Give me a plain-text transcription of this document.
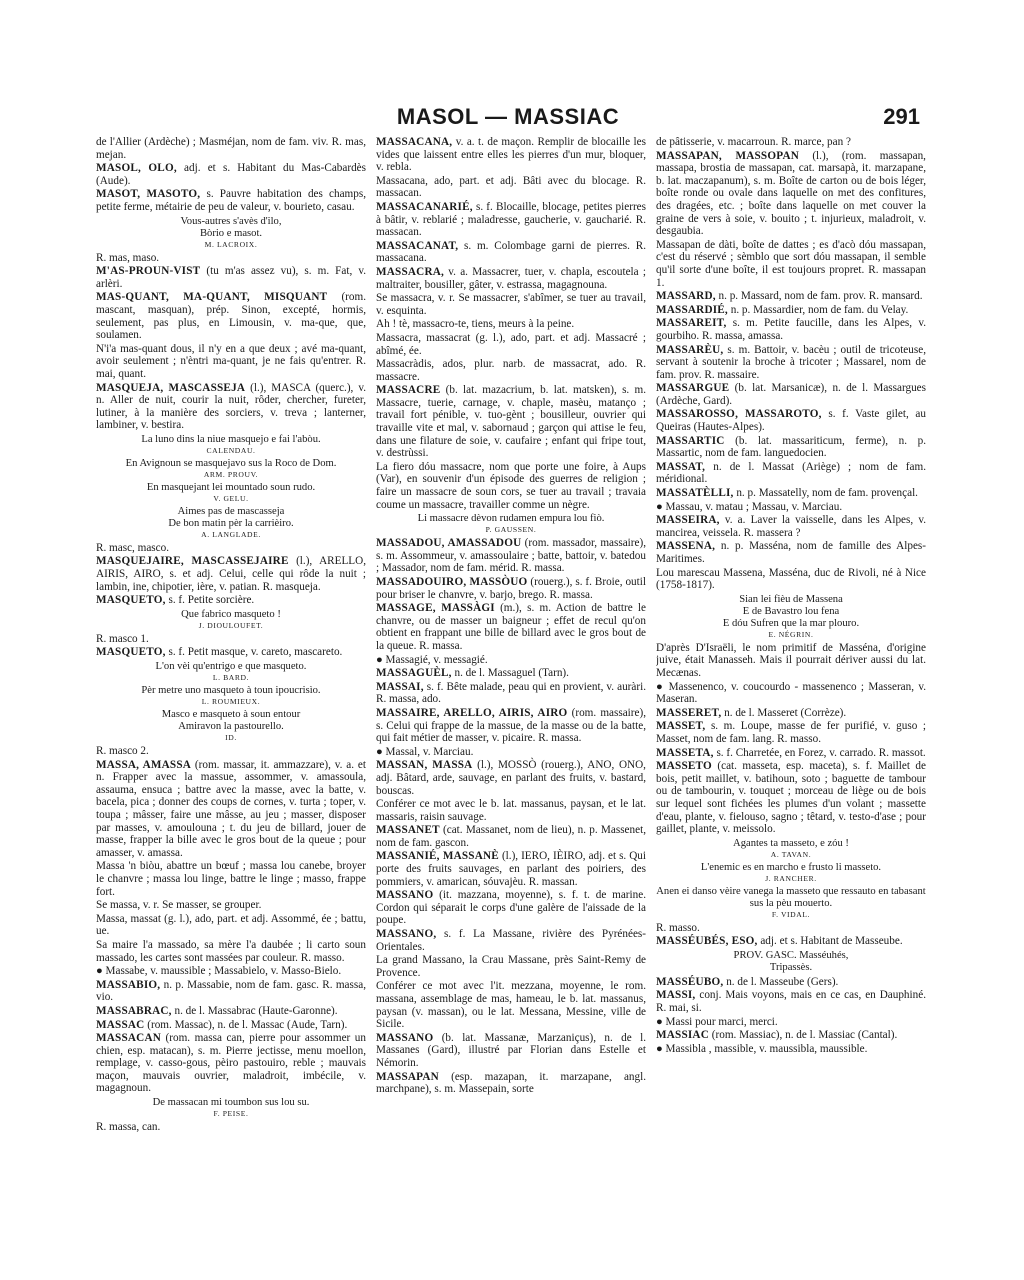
MASOL — MASSIAC	291

de l'Allier (Ardèche) ; Masméjan, nom de fam. viv. R. mas, mejan.

MASOL, OLO, adj. et s. Habitant du Mas-Cabardès (Aude).

MASOT, MASOTO, s. Pauvre habitation des champs, petite ferme, métairie de peu de valeur, v. bourieto, casau.

Vous-autres s'avès d'ilo,
Bòrio e masot.
M. LACROIX.

R. mas, maso.

M'AS-PROUN-VIST (tu m'as assez vu), s. m. Fat, v. arlèri.

MAS-QUANT, MA-QUANT, MISQUANT (rom. mascant, masquan), prép. Sinon, excepté, hormis, seulement, pas plus, en Limousin, v. ma-que, que, soulamen.

N'i'a mas-quant dous, il n'y en a que deux ; avé ma-quant, avoir seulement ; n'èntri ma-quant, je ne fais qu'entrer. R. mai, quant.

MASQUEJA, MASCASSEJA (l.), MASCA (querc.), v. n. Aller de nuit, courir la nuit, rôder, chercher, fureter, lutiner, à la manière des sorciers, v. treva ; lanterner, lambiner, v. bestira.

La luno dins la niue masquejo e fai l'abòu.
CALENDAU.
En Avignoun se masquejavo sus la Roco de Dom.
ARM. PROUV.
En masquejant lei mountado soun rudo.
V. GELU.
Aimes pas de mascasseja
De bon matin pèr la carrièiro.
A. LANGLADE.

R. masc, masco.

MASQUEJAIRE, MASCASSEJAIRE (l.), ARELLO, AIRIS, AIRO, s. et adj. Celui, celle qui rôde la nuit ; lambin, ine, chipotier, ière, v. patian. R. masqueja.

MASQUETO, s. f. Petite sorcière.

Que fabrico masqueto !
J. DIOULOUFET.

R. masco 1.

MASQUETO, s. f. Petit masque, v. careto, mascareto.

L'on vèi qu'entrigo e que masqueto.
L. BARD.
Pèr metre uno masqueto à toun ipoucrisìo.
L. ROUMIEUX.
Masco e masqueto à soun entour
Amiravon la pastourello.
ID.

R. masco 2.

MASSA, AMASSA (rom. massar, it. ammazzare), v. a. et n. Frapper avec la massue, assommer, v. amassoula, assauma, ensuca ; battre avec la masse, avec la batte, v. bacela, pica ; donner des coups de cornes, v. turta ; toper, v. toupa ; mâsser, faire une mâsse, au jeu ; masser, disposer par masses, v. amoulouna ; t. du jeu de billard, jouer de masse, frapper la bille avec le gros bout de la queue ; pour amasser, v. amassa.

Massa 'n biòu, abattre un bœuf ; massa lou canebe, broyer le chanvre ; massa lou linge, battre le linge ; masso, frappe fort.

Se massa, v. r. Se masser, se grouper.

Massa, massat (g. l.), ado, part. et adj. Assommé, ée ; battu, ue.

Sa maire l'a massado, sa mère l'a daubée ; li carto soun massado, les cartes sont massées par couleur. R. masso.

● Massabe, v. maussible ; Massabielo, v. Masso-Bielo.

MASSABIO, n. p. Massabie, nom de fam. gasc. R. massa, vio.

MASSABRAC, n. de l. Massabrac (Haute-Garonne).

MASSAC (rom. Massac), n. de l. Massac (Aude, Tarn).

MASSACAN (rom. massa can, pierre pour assommer un chien, esp. matacan), s. m. Pierre jectisse, menu moellon, remplage, v. casso-gous, pèiro pastouiro, reble ; mauvais maçon, mauvais ouvrier, maladroit, imbécile, v. magagnoun.

De massacan mi toumbon sus lou su.
F. PEISE.

R. massa, can.

MASSACANA, v. a. t. de maçon. Remplir de blocaille les vides que laissent entre elles les pierres d'un mur, bloquer, v. rebla.

Massacana, ado, part. et adj. Bâti avec du blocage. R. massacan.

MASSACANARIÉ, s. f. Blocaille, blocage, petites pierres à bâtir, v. reblarié ; maladresse, gaucherie, v. gaucharié. R. massacan.

MASSACANAT, s. m. Colombage garni de pierres. R. massacana.

MASSACRA, v. a. Massacrer, tuer, v. chapla, escoutela ; maltraiter, bousiller, gâter, v. estrassa, magagnouna.

Se massacra, v. r. Se massacrer, s'abîmer, se tuer au travail, v. esquinta.

Ah ! tè, massacro-te, tiens, meurs à la peine.

Massacra, massacrat (g. l.), ado, part. et adj. Massacré ; abîmé, ée.

Massacràdis, ados, plur. narb. de massacrat, ado. R. massacre.

MASSACRE (b. lat. mazacrium, b. lat. matsken), s. m. Massacre, tuerie, carnage, v. chaple, masèu, matanço ; travail fort pénible, v. tuo-gènt ; bousilleur, ouvrier qui travaille vite et mal, v. sabornaud ; garçon qui attise le feu, dans une filature de soie, v. caufaire ; enfant qui fripe tout, v. destrùssi.

La fiero dóu massacre, nom que porte une foire, à Aups (Var), en souvenir d'un épisode des guerres de religion ; faire un massacre de soun cors, se tuer au travail ; travaia coume un massacre, travailler comme un nègre.

Li massacre dèvon rudamen empura lou fiò.
P. GAUSSEN.

MASSADOU, AMASSADOU (rom. massador, massaire), s. m. Assommeur, v. amassoulaire ; batte, battoir, v. batedou ; Massador, nom de fam. mérid. R. massa.

MASSADOUIRO, MASSÒUO (rouerg.), s. f. Broie, outil pour briser le chanvre, v. barjo, brego. R. massa.

MASSAGE, MASSÀGI (m.), s. m. Action de battre le chanvre, ou de masser un baigneur ; effet de recul qu'on obtient en frappant une bille de billard avec le gros bout de la queue. R. massa.

● Massagié, v. messagié.

MASSAGUÈL, n. de l. Massaguel (Tarn).

MASSAI, s. f. Bête malade, peau qui en provient, v. auràri. R. massa, ado.

MASSAIRE, ARELLO, AIRIS, AIRO (rom. massaire), s. Celui qui frappe de la massue, de la masse ou de la batte, qui fait métier de masser, v. picaire. R. massa.

● Massal, v. Marciau.

MASSAN, MASSA (l.), MOSSÒ (rouerg.), ANO, ONO, adj. Bâtard, arde, sauvage, en parlant des fruits, v. bastard, bouscas.

Conférer ce mot avec le b. lat. massanus, paysan, et le lat. massaris, raisin sauvage.

MASSANET (cat. Massanet, nom de lieu), n. p. Massenet, nom de fam. gascon.

MASSANIÉ, MASSANÈ (l.), IERO, IÈIRO, adj. et s. Qui porte des fruits sauvages, en parlant des poiriers, des pommiers, v. amarican, sóuvajèu. R. massan.

MASSANO (it. mazzana, moyenne), s. f. t. de marine. Cordon qui séparait le corps d'une galère de l'aissade de la poupe.

MASSANO, s. f. La Massane, rivière des Pyrénées-Orientales.

La grand Massano, la Crau Massane, près Saint-Remy de Provence.

Conférer ce mot avec l'it. mezzana, moyenne, le rom. massana, assemblage de mas, hameau, le b. lat. massanus, paysan (v. massan), ou le lat. Messana, Messine, ville de Sicile.

MASSANO (b. lat. Massanæ, Marzaniçus), n. de l. Massanes (Gard), illustré par Florian dans Estelle et Némorin.

MASSAPAN (esp. mazapan, it. marzapane, angl. marchpane), s. m. Massepain, sorte

de pâtisserie, v. macarroun. R. marce, pan ?

MASSAPAN, MASSOPAN (l.), (rom. massapan, massapa, brostia de massapan, cat. marsapà, it. marzapane, b. lat. maczapanum), s. m. Boîte de carton ou de bois léger, boîte ronde ou ovale dans laquelle on met des confitures, des dragées, etc. ; boîte dans laquelle on met couver la graine de vers à soie, v. bouito ; t. injurieux, maladroit, v. desgaubia.

Massapan de dàti, boîte de dattes ; es d'acò dóu massapan, c'est du réservé ; sèmblo que sort dóu massapan, il semble qu'il sorte d'une boîte, il est toujours propret. R. massapan 1.

MASSARD, n. p. Massard, nom de fam. prov. R. mansard.

MASSARDIÉ, n. p. Massardier, nom de fam. du Velay.

MASSAREIT, s. m. Petite faucille, dans les Alpes, v. gourbiho. R. massa, amassa.

MASSARÈU, s. m. Battoir, v. bacèu ; outil de tricoteuse, servant à soutenir la broche à tricoter ; Massarel, nom de fam. prov. R. massaire.

MASSARGUE (b. lat. Marsanicæ), n. de l. Massargues (Ardèche, Gard).

MASSAROSSO, MASSAROTO, s. f. Vaste gilet, au Queiras (Hautes-Alpes).

MASSARTIC (b. lat. massariticum, ferme), n. p. Massartic, nom de fam. languedocien.

MASSAT, n. de l. Massat (Ariège) ; nom de fam. méridional.

MASSATÈLLI, n. p. Massatelly, nom de fam. provençal.

● Massau, v. matau ; Massau, v. Marciau.

MASSEIRA, v. a. Laver la vaisselle, dans les Alpes, v. mancirea, veissela. R. massera ?

MASSENA, n. p. Masséna, nom de famille des Alpes-Maritimes.

Lou marescau Massena, Masséna, duc de Rivoli, né à Nice (1758-1817).

Sian lei fièu de Massena
E de Bavastro lou fena
E dóu Sufren que la mar plouro.
E. NÉGRIN.

D'après D'Israëli, le nom primitif de Masséna, d'origine juive, était Manasseh. Mais il pourrait dériver aussi du lat. Mecænas.

● Massenenco, v. coucourdo - massenenco ; Masseran, v. Maseran.

MASSERET, n. de l. Masseret (Corrèze).

MASSET, s. m. Loupe, masse de fer purifié, v. guso ; Masset, nom de fam. lang. R. masso.

MASSETA, s. f. Charretée, en Forez, v. carrado. R. massot.

MASSETO (cat. masseta, esp. maceta), s. f. Maillet de bois, petit maillet, v. batihoun, soto ; baguette de tambour ou de tambourin, v. touquet ; morceau de liège ou de bois sur lequel sont fichées les plumes d'un volant ; massette d'eau, plante, v. fielouso, sagno ; têtard, v. testo-d'ase ; pour gaillet, plante, v. meissolo.

Agantes ta masseto, e zóu !
A. TAVAN.
L'enemic es en marcho e frusto li masseto.
J. RANCHER.
Anen ei danso vèire vanega la masseto que ressauto en tabasant sus la pèu mouerto.
F. VIDAL.

R. masso.

MASSÉUBÉS, ESO, adj. et s. Habitant de Masseube.

PROV. GASC. Masséuhés,
Tripassès.

MASSÉUBO, n. de l. Masseube (Gers).

MASSI, conj. Mais voyons, mais en ce cas, en Dauphiné. R. mai, si.

● Massi pour marci, merci.

MASSIAC (rom. Massiac), n. de l. Massiac (Cantal).

● Massibla , massible, v. maussibla, maussible.
